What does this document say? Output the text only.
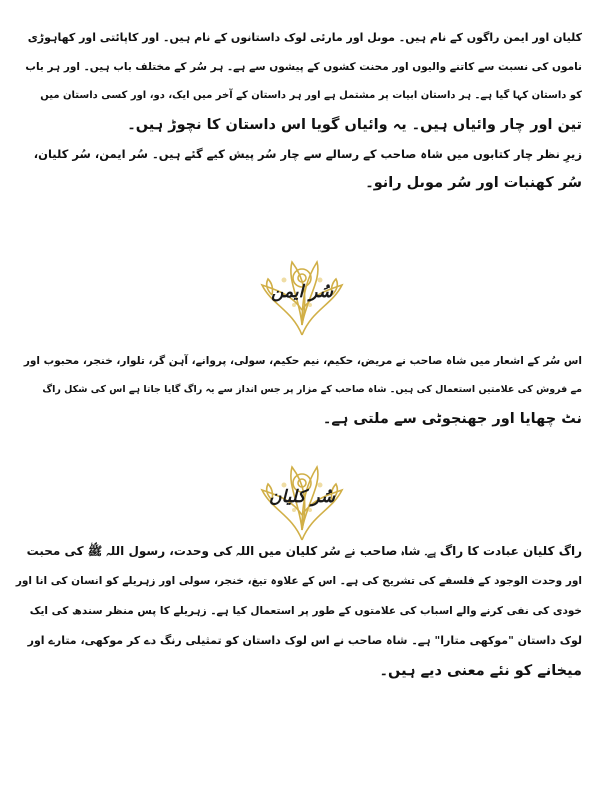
کلیان اور ایمن راگوں کے نام ہیں۔ موںل اور مارئی لوک داستانوں کے نام ہیں۔ اور کاپائتی اور کھاہوڑی
ناموں کی نسبت سے کاتنے والیوں اور محنت کشوں کے پیشوں سے ہے۔ ہر سُر کے مختلف باب ہیں۔ اور ہر باب
کو داستان کہا گیا ہے۔ ہر داستان ابیات پر مشتمل ہے اور ہر داستان کے آخر میں ایک، دو، اور کسی داستان میں
تین اور چار وائیاں ہیں۔ یہ وائیاں گویا اس داستان کا نچوڑ ہیں۔
زیرِ نظر چار کتابوں میں شاہ صاحب کے رسالے سے چار سُر پیش کیے گئے ہیں۔ سُر ایمن، سُر کلیان،
سُر کھنبات اور سُر موںل رانو۔
سُر ایمن
اس سُر کے اشعار میں شاہ صاحب نے مریض، حکیم، نیم حکیم، سولی، پروانے، آہن گر، تلوار، خنجر، محبوب اور
مے فروش کی علامتیں استعمال کی ہیں۔ شاہ صاحب کے مزار پر جس انداز سے یہ راگ گایا جاتا ہے اس کی شکل راگ
نٹ چھایا اور جھنجوٹی سے ملتی ہے۔
سُر کلیان
راگ کلیان عبادت کا راگ ہے۔ شاہ صاحب نے سُر کلیان میں اللہ کی وحدت، رسول اللہ ﷺ کی محبت
اور وحدت الوجود کے فلسفے کی تشریح کی ہے۔ اس کے علاوہ تیغ، خنجر، سولی اور زہریلے کو انسان کی انا اور
خودی کی نفی کرنے والے اسباب کی علامتوں کے طور پر استعمال کیا ہے۔ زہریلے کا پس منظر سندھ کی ایک
لوک داستان "موکھی متارا" ہے۔ شاہ صاحب نے اس لوک داستان کو تمثیلی رنگ دے کر موکھی، متارے اور
میخانے کو نئے معنی دیے ہیں۔
